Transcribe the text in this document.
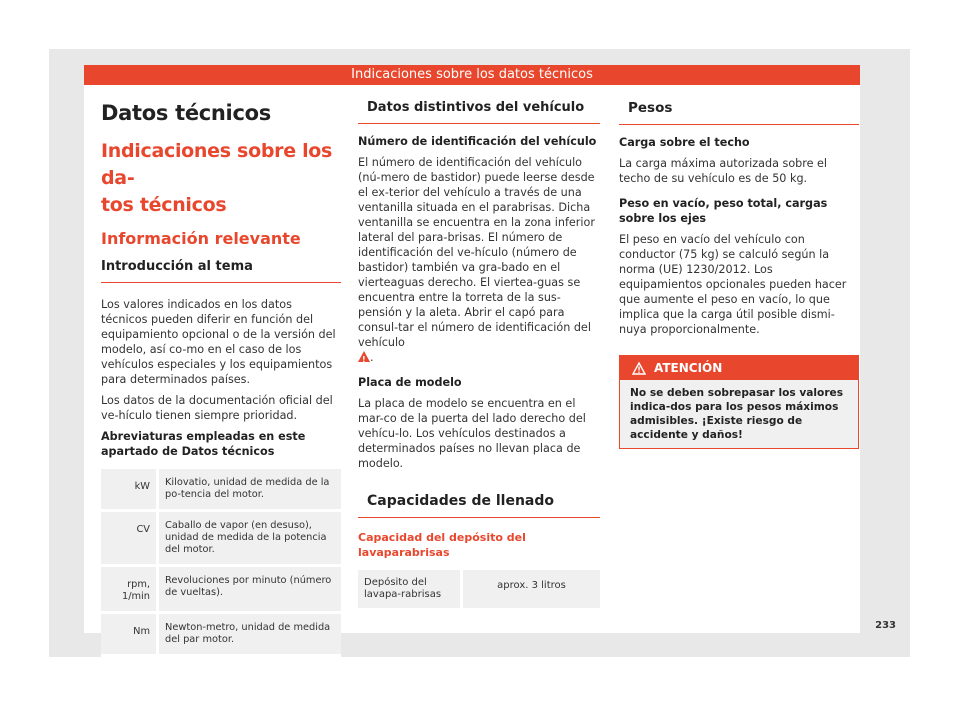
Indicaciones sobre los datos técnicos
Datos técnicos
Indicaciones sobre los da-
tos técnicos
Información relevante
Introducción al tema

Los valores indicados en los datos técnicos pueden diferir en función del equipamiento opcional o de la versión del modelo, así co-mo en el caso de los vehículos especiales y los equipamientos para determinados países.

Los datos de la documentación oficial del ve-hículo tienen siempre prioridad.

Abreviaturas empleadas en este apartado de Datos técnicos

kW	Kilovatio, unidad de medida de la po-tencia del motor.
CV	Caballo de vapor (en desuso), unidad de medida de la potencia del motor.
rpm, 1/min	Revoluciones por minuto (número de vueltas).
Nm	Newton-metro, unidad de medida del par motor.
Datos distintivos del vehículo

Número de identificación del vehículo

El número de identificación del vehículo (nú-mero de bastidor) puede leerse desde el ex-terior del vehículo a través de una ventanilla situada en el parabrisas. Dicha ventanilla se encuentra en la zona inferior lateral del para-brisas. El número de identificación del ve-hículo (número de bastidor) también va gra-bado en el vierteaguas derecho. El viertea-guas se encuentra entre la torreta de la sus-pensión y la aleta. Abrir el capó para consul-tar el número de identificación del vehículo
!.

Placa de modelo

La placa de modelo se encuentra en el mar-co de la puerta del lado derecho del vehícu-lo. Los vehículos destinados a determinados países no llevan placa de modelo.

Capacidades de llenado

Capacidad del depósito del lavaparabrisas

Depósito del lavapa-rabrisas	aprox. 3 litros
Pesos

Carga sobre el techo

La carga máxima autorizada sobre el techo de su vehículo es de 50 kg.

Peso en vacío, peso total, cargas sobre los ejes

El peso en vacío del vehículo con conductor (75 kg) se calculó según la norma (UE) 1230/2012. Los equipamientos opcionales pueden hacer que aumente el peso en vacío, lo que implica que la carga útil posible dismi-nuya proporcionalmente.

ATENCIÓN
No se deben sobrepasar los valores indica-dos para los pesos máximos admisibles. ¡Existe riesgo de accidente y daños!
233
